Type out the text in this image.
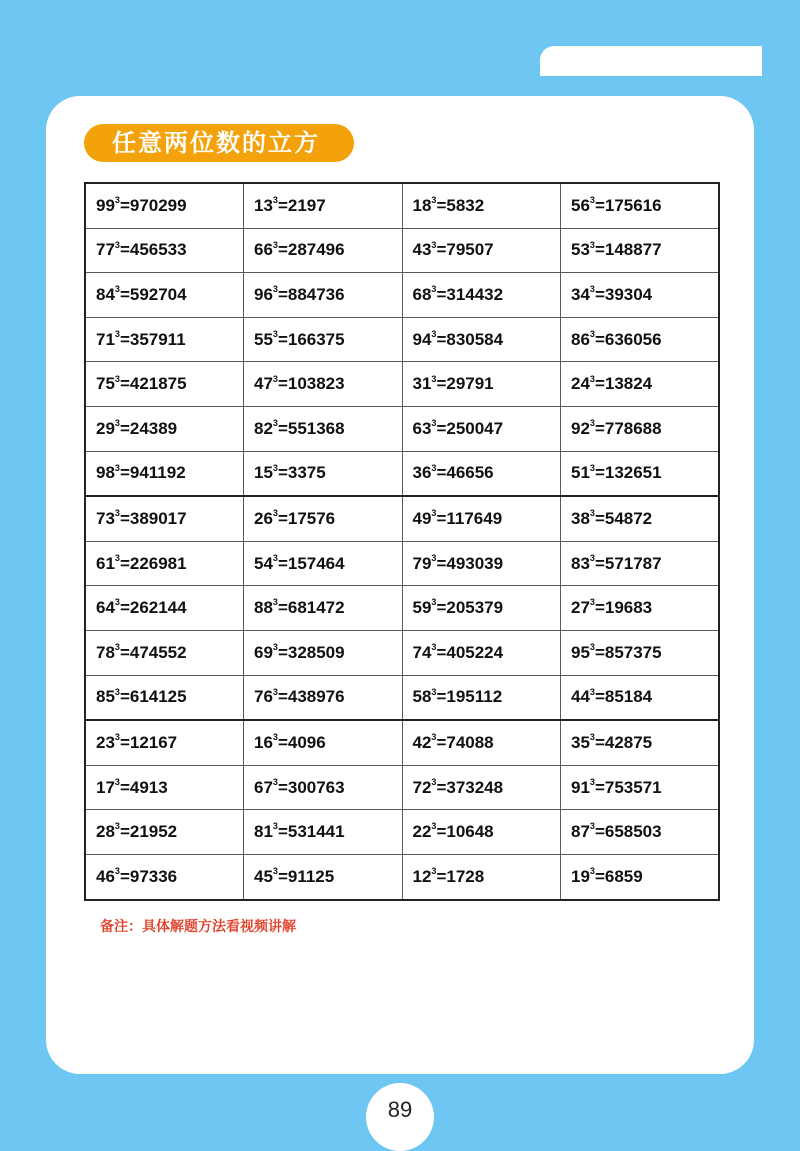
任意两位数的立方
$99^3=970299$	$13^3=2197$	$18^3=5832$	$56^3=175616$
$77^3=456533$	$66^3=287496$	$43^3=79507$	$53^3=148877$
$84^3=592704$	$96^3=884736$	$68^3=314432$	$34^3=39304$
$71^3=357911$	$55^3=166375$	$94^3=830584$	$86^3=636056$
$75^3=421875$	$47^3=103823$	$31^3=29791$	$24^3=13824$
$29^3=24389$	$82^3=551368$	$63^3=250047$	$92^3=778688$
$98^3=941192$	$15^3=3375$	$36^3=46656$	$51^3=132651$
$73^3=389017$	$26^3=17576$	$49^3=117649$	$38^3=54872$
$61^3=226981$	$54^3=157464$	$79^3=493039$	$83^3=571787$
$64^3=262144$	$88^3=681472$	$59^3=205379$	$27^3=19683$
$78^3=474552$	$69^3=328509$	$74^3=405224$	$95^3=857375$
$85^3=614125$	$76^3=438976$	$58^3=195112$	$44^3=85184$
$23^3=12167$	$16^3=4096$	$42^3=74088$	$35^3=42875$
$17^3=4913$	$67^3=300763$	$72^3=373248$	$91^3=753571$
$28^3=21952$	$81^3=531441$	$22^3=10648$	$87^3=658503$
$46^3=97336$	$45^3=91125$	$12^3=1728$	$19^3=6859$
备注：具体解题方法看视频讲解
89
